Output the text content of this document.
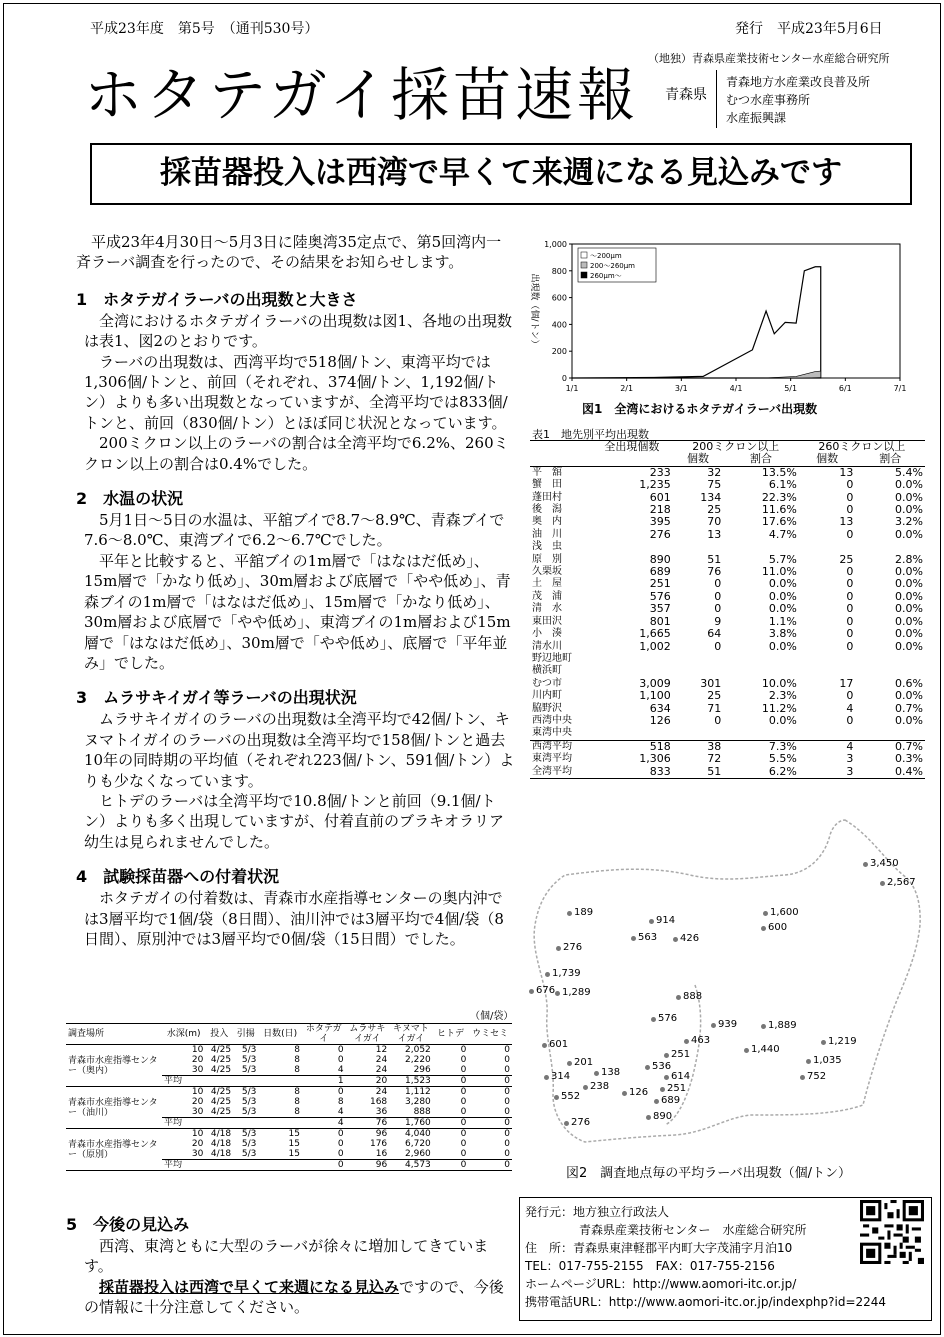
平成23年度　第5号　（通刊530号）	発行　平成23年5月6日
（地独）青森県産業技術センター水産総合研究所
ホタテガイ採苗速報 青森県
青森地方水産業改良普及所
むつ水産事務所
水産振興課
採苗器投入は西湾で早くて来週になる見込みです

　平成23年4月30日～5月3日に陸奥湾35定点で、第5回湾内一斉ラーバ調査を行ったので、その結果をお知らせします。

1　ホタテガイラーバの出現数と大きさ

　全湾におけるホタテガイラーバの出現数は図1、各地の出現数は表1、図2のとおりです。

　ラーバの出現数は、西湾平均で518個/トン、東湾平均では1,306個/トンと、前回（それぞれ、374個/トン、1,192個/トン）よりも多い出現数となっていますが、全湾平均では833個/トンと、前回（830個/トン）とほぼ同じ状況となっています。

　200ミクロン以上のラーバの割合は全湾平均で6.2%、260ミクロン以上の割合は0.4%でした。

2　水温の状況

　5月1日～5日の水温は、平舘ブイで8.7～8.9℃、青森ブイで7.6～8.0℃、東湾ブイで6.2～6.7℃でした。

　平年と比較すると、平舘ブイの1m層で「はなはだ低め」、15m層で「かなり低め」、30m層および底層で「やや低め」、青森ブイの1m層で「はなはだ低め」、15m層で「かなり低め」、30m層および底層で「やや低め」、東湾ブイの1m層および15m層で「はなはだ低め」、30m層で「やや低め」、底層で「平年並み」でした。

3　ムラサキイガイ等ラーバの出現状況

　ムラサキイガイのラーバの出現数は全湾平均で42個/トン、キヌマトイガイのラーバの出現数は全湾平均で158個/トンと過去10年の同時期の平均値（それぞれ223個/トン、591個/トン）よりも少なくなっています。

　ヒトデのラーバは全湾平均で10.8個/トンと前回（9.1個/トン）よりも多く出現していますが、付着直前のブラキオラリア幼生は見られませんでした。

4　試験採苗器への付着状況

　ホタテガイの付着数は、青森市水産指導センターの奥内沖では3層平均で1個/袋（8日間）、油川沖では3層平均で4個/袋（8日間）、原別沖では3層平均で0個/袋（15日間）でした。

（個/袋）
調査場所	水深(m)	投入	引揚	日数(日)	ホタテガイ	ムラサキイガイ	キヌマトイガイ	ヒトデ	ウミセミ
青森市水産指導センター（奥内）	10	4/25	5/3	8	0	12	2,052	0	0
	20	4/25	5/3	8	0	24	2,220	0	0
	30	4/25	5/3	8	4	24	296	0	0
	平均				1	20	1,523	0	0
青森市水産指導センター（油川）	10	4/25	5/3	8	0	24	1,112	0	0
	20	4/25	5/3	8	8	168	3,280	0	0
	30	4/25	5/3	8	4	36	888	0	0
	平均				4	76	1,760	0	0
青森市水産指導センター（原別）	10	4/18	5/3	15	0	96	4,040	0	0
	20	4/18	5/3	15	0	176	6,720	0	0
	30	4/18	5/3	15	0	16	2,960	0	0
	平均				0	96	4,573	0	0
5　今後の見込み

　西湾、東湾ともに大型のラーバが徐々に増加してきています。

　採苗器投入は西湾で早くて来週になる見込みですので、今後の情報に十分注意してください。

1,000
800
600
400
200
0
1/1	2/1	3/1	4/1	5/1	6/1	7/1
出現数（個/トン）
～200μm
200～260μm
260μm～
図1　全湾におけるホタテガイラーバ出現数
表1　地先別平均出現数
	全出現個数	200ミクロン以上		260ミクロン以上	
		個数	割合	個数	割合
平　舘	233	32	13.5%	13	5.4%
蟹　田	1,235	75	6.1%	0	0.0%
蓬田村	601	134	22.3%	0	0.0%
後　潟	218	25	11.6%	0	0.0%
奥　内	395	70	17.6%	13	3.2%
油　川	276	13	4.7%	0	0.0%
浅　虫					
原　別	890	51	5.7%	25	2.8%
久栗坂	689	76	11.0%	0	0.0%
土　屋	251	0	0.0%	0	0.0%
茂　浦	576	0	0.0%	0	0.0%
清　水	357	0	0.0%	0	0.0%
東田沢	801	9	1.1%	0	0.0%
小　湊	1,665	64	3.8%	0	0.0%
清水川	1,002	0	0.0%	0	0.0%
野辺地町					
横浜町					
むつ市	3,009	301	10.0%	17	0.6%
川内町	1,100	25	2.3%	0	0.0%
脇野沢	634	71	11.2%	4	0.7%
西湾中央	126	0	0.0%	0	0.0%
東湾中央					
西湾平均	518	38	7.3%	4	0.7%
東湾平均	1,306	72	5.5%	3	0.3%
全湾平均	833	51	6.2%	3	0.4%
3,450
2,567
189
914
1,600
600
563 426
276
1,739
676 1,289	888
576
939	1,889
463	1,219
601
251	1,440
1,035
201
138
536
614	752
314
238
126 251
689
552
890
276
図2　調査地点毎の平均ラーバ出現数（個/トン）
発行元：地方独立行政法人
青森県産業技術センター　水産総合研究所
住　所：青森県東津軽郡平内町大字茂浦字月泊10
TEL：017-755-2155　FAX：017-755-2156
ホームページURL：http://www.aomori-itc.or.jp/
携帯電話URL：http://www.aomori-itc.or.jp/indexphp?id=2244
